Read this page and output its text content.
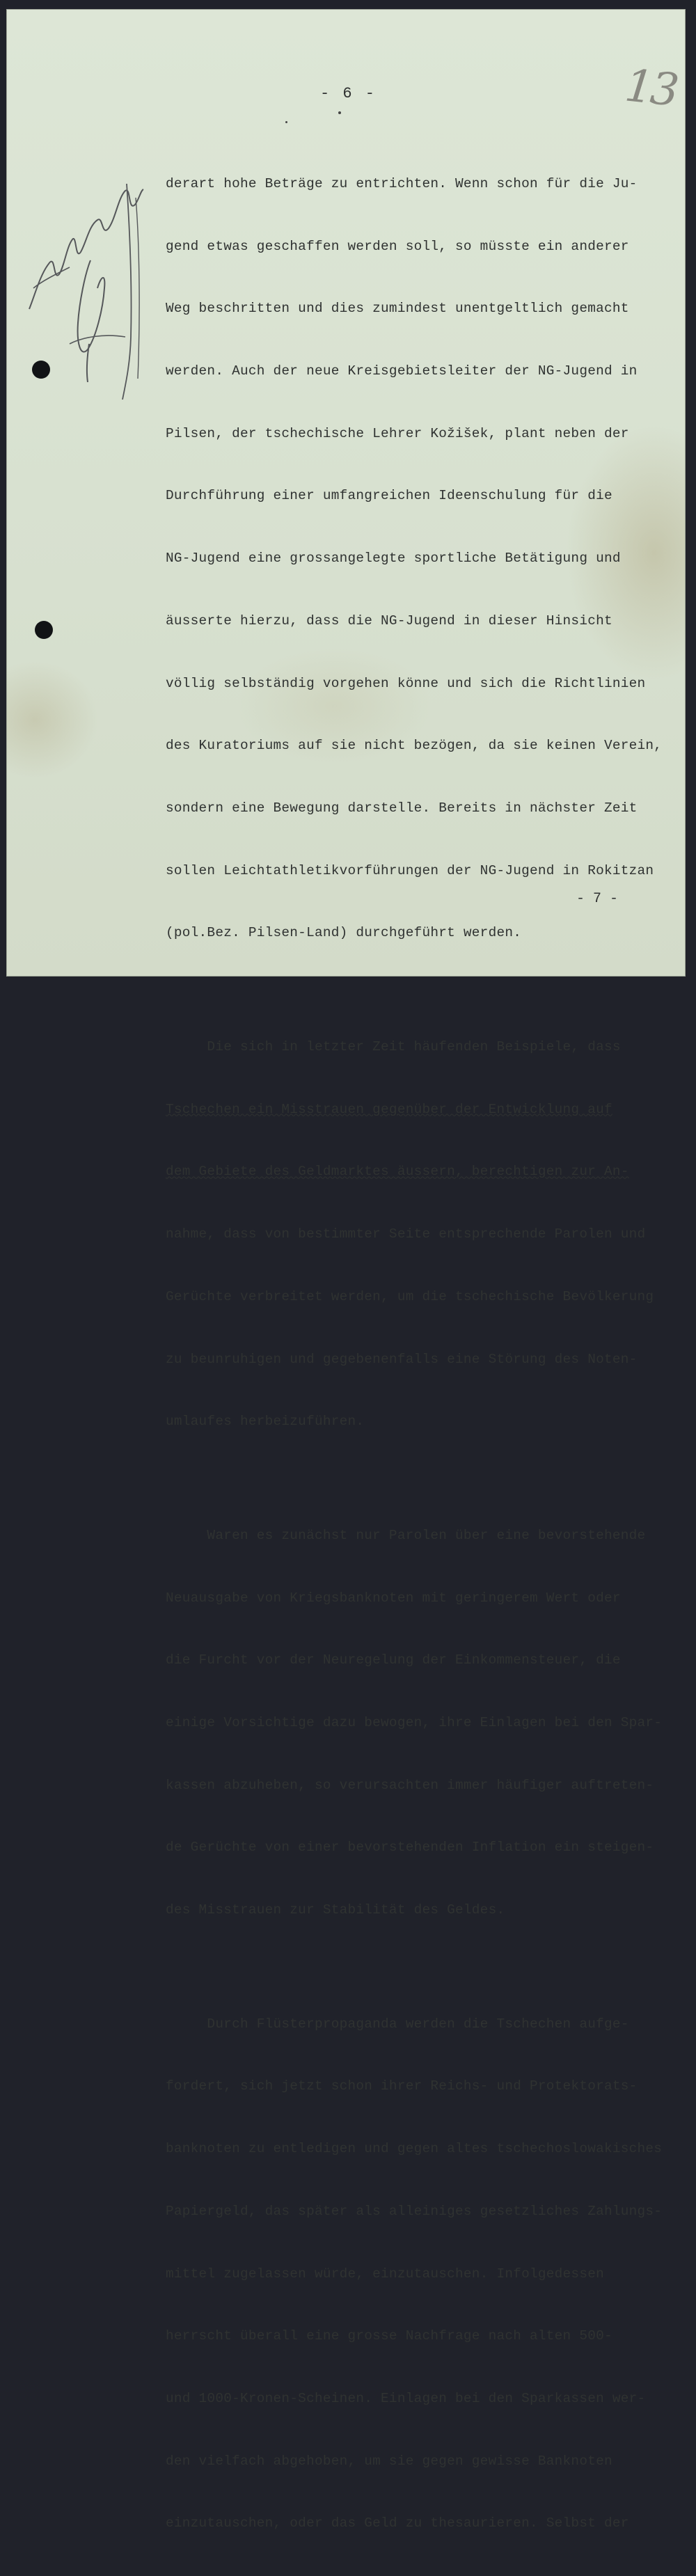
- 6 -	13

derart hohe Beträge zu entrichten. Wenn schon für die Ju-

gend etwas geschaffen werden soll, so müsste ein anderer

Weg beschritten und dies zumindest unentgeltlich gemacht

werden. Auch der neue Kreisgebietsleiter der NG-Jugend in

Pilsen, der tschechische Lehrer Kožišek, plant neben der

Durchführung einer umfangreichen Ideenschulung für die

NG-Jugend eine grossangelegte sportliche Betätigung und

äusserte hierzu, dass die NG-Jugend in dieser Hinsicht

völlig selbständig vorgehen könne und sich die Richtlinien

des Kuratoriums auf sie nicht bezögen, da sie keinen Verein,

sondern eine Bewegung darstelle. Bereits in nächster Zeit

sollen Leichtathletikvorführungen der NG-Jugend in Rokitzan

(pol.Bez. Pilsen-Land) durchgeführt werden.

Die sich in letzter Zeit häufenden Beispiele, dass

Tschechen ein Misstrauen gegenüber der Entwicklung auf

dem Gebiete des Geldmarktes äussern, berechtigen zur An-

nahme, dass von bestimmter Seite entsprechende Parolen und

Gerüchte verbreitet werden, um die tschechische Bevölkerung

zu beunruhigen und gegebenenfalls eine Störung des Noten-

umlaufes herbeizuführen.

Waren es zunächst nur Parolen über eine bevorstehende

Neuausgabe von Kriegsbanknoten mit geringerem Wert oder

die Furcht vor der Neuregelung der Einkommensteuer, die

einige Vorsichtige dazu bewogen, ihre Einlagen bei den Spar-

kassen abzuheben, so verursachten immer häufiger auftreten-

de Gerüchte von einer bevorstehenden Inflation ein steigen-

des Misstrauen zur Stabilität des Geldes.

Durch Flüsterpropaganda werden die Tschechen aufge-

fordert, sich jetzt schon ihrer Reichs- und Protektorats-

banknoten zu entledigen und gegen altes tschechoslowakisches

Papiergeld, das später als alleiniges gesetzliches Zahlungs-

mittel zugelassen würde, einzutauschen. Infolgedessen

herrscht überall eine grosse Nachfrage nach alten 500-

und 1000-Kronen-Scheinen. Einlagen bei den Sparkassen wer-

den vielfach abgehoben, um sie gegen gewisse Banknoten

einzutauschen, oder das Geld zu thesaurieren. Selbst der

- 7 -
